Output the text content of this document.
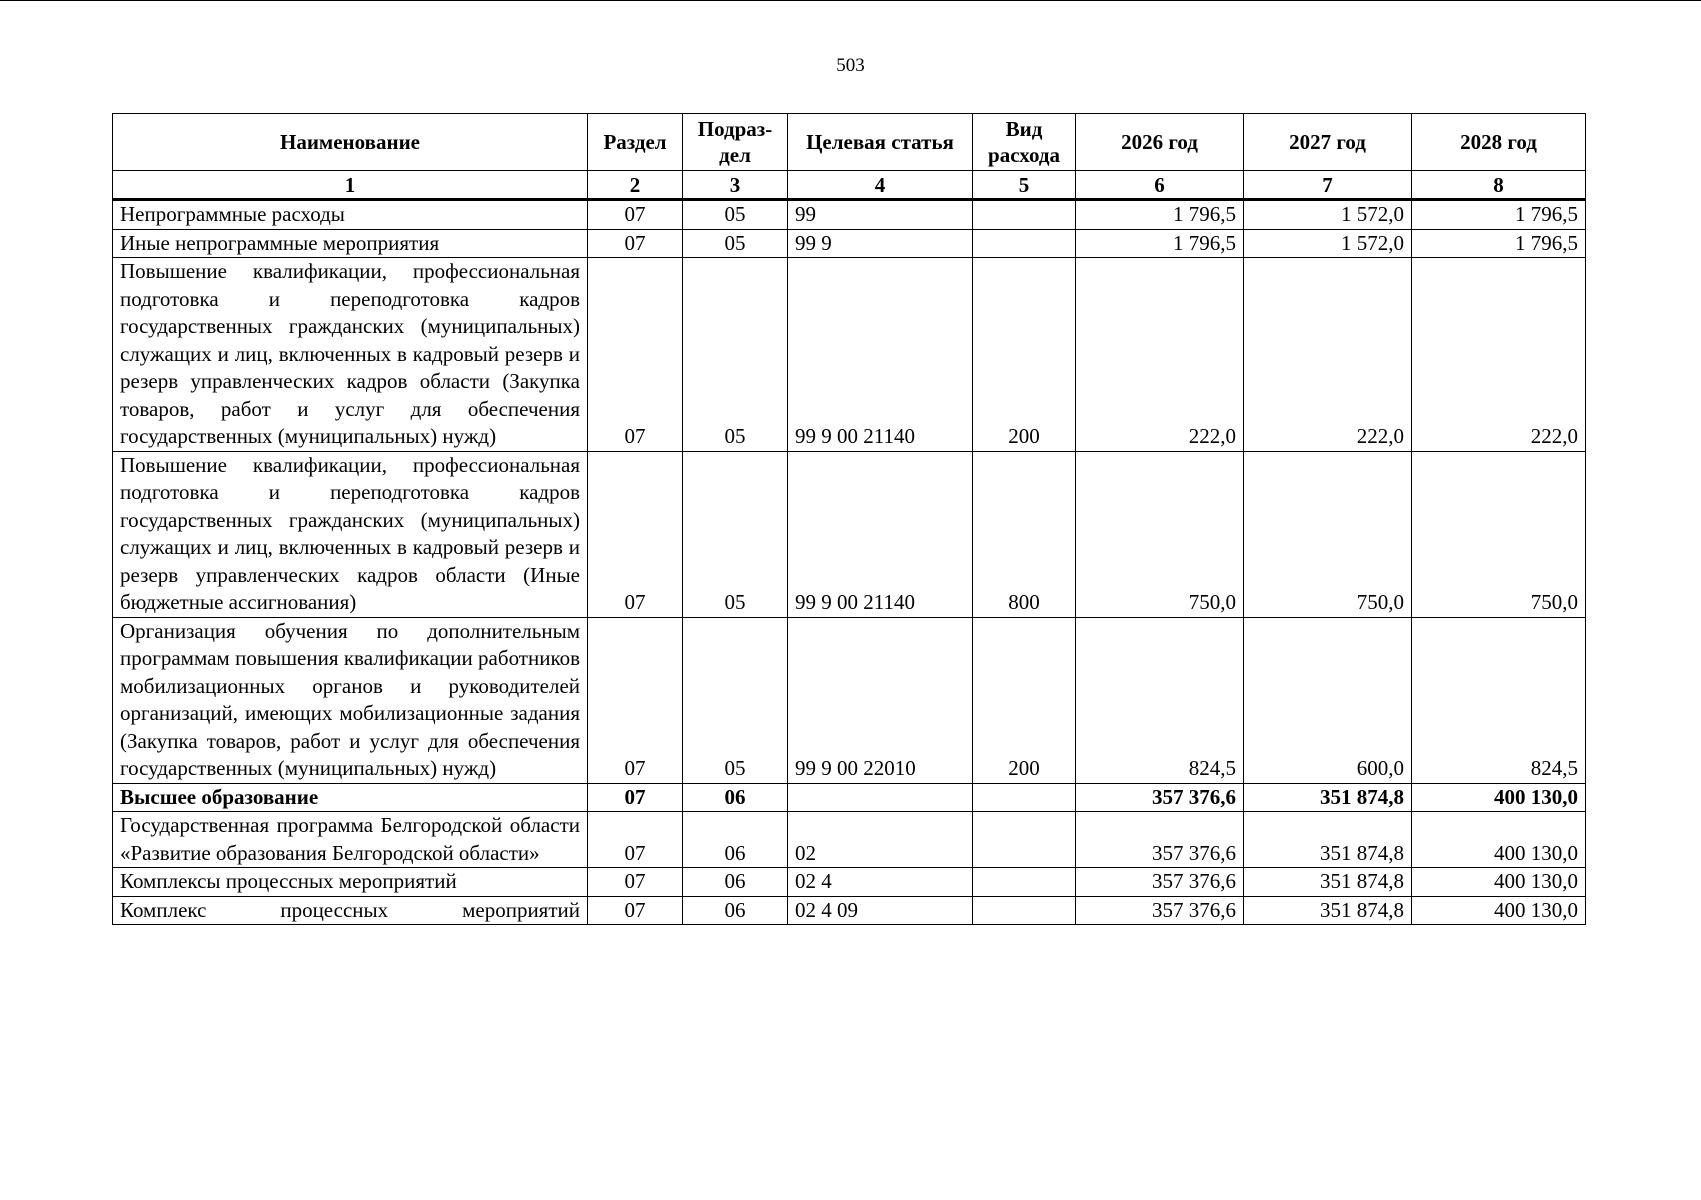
503
Наименование	Раздел	Подраз-дел	Целевая статья	Вид расхода	2026 год	2027 год	2028 год
1	2	3	4	5	6	7	8
Непрограммные расходы	07	05	99		1 796,5	1 572,0	1 796,5
Иные непрограммные мероприятия	07	05	99 9		1 796,5	1 572,0	1 796,5
Повышение квалификации, профессиональная подготовка и переподготовка кадров государственных гражданских (муниципальных) служащих и лиц, включенных в кадровый резерв и резерв управленческих кадров области (Закупка товаров, работ и услуг для обеспечения государственных (муниципальных) нужд)	07	05	99 9 00 21140	200	222,0	222,0	222,0
Повышение квалификации, профессиональная подготовка и переподготовка кадров государственных гражданских (муниципальных) служащих и лиц, включенных в кадровый резерв и резерв управленческих кадров области (Иные бюджетные ассигнования)	07	05	99 9 00 21140	800	750,0	750,0	750,0
Организация обучения по дополнительным программам повышения квалификации работников мобилизационных органов и руководителей организаций, имеющих мобилизационные задания (Закупка товаров, работ и услуг для обеспечения государственных (муниципальных) нужд)	07	05	99 9 00 22010	200	824,5	600,0	824,5
Высшее образование	07	06			357 376,6	351 874,8	400 130,0
Государственная программа Белгородской области «Развитие образования Белгородской области»	07	06	02		357 376,6	351 874,8	400 130,0
Комплексы процессных мероприятий	07	06	02 4		357 376,6	351 874,8	400 130,0
Комплекс процессных мероприятий	07	06	02 4 09		357 376,6	351 874,8	400 130,0
